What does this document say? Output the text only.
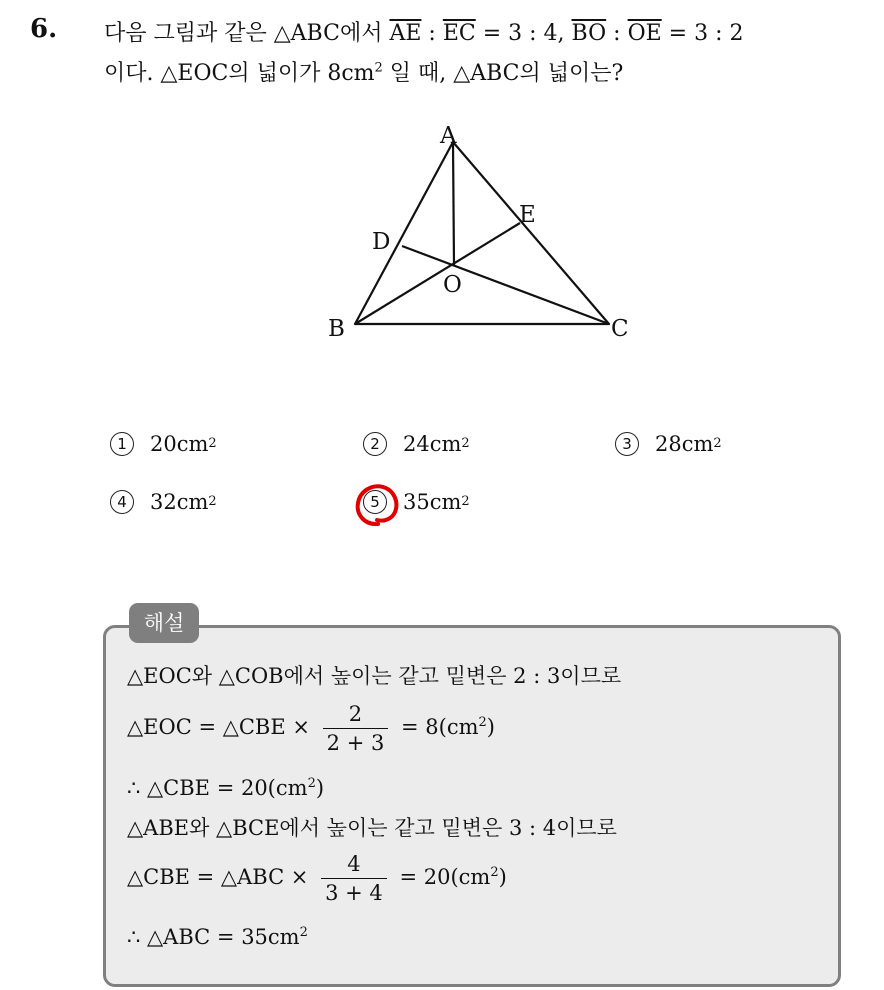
6. 다음 그림과 같은 △ABC에서 $\overline{AE}$ : $\overline{EC} = 3$ : 4, $\overline{BO}$ : $\overline{OE} = 3$ : 2
이다. △EOC의 넓이가 $8cm^2$ 일 때, △ABC의 넓이는?
A
B	C
D
E
O
1	20cm 2	2	24cm 2	3	28cm 2
4	32cm 2	5	35cm 2
해설
△EOC와 △COB에서 높이는 같고 밑변은 2 : 3이므로
△EOC = △CBE × $\frac{2}{2 + 3} = 8(cm^2)$
∴ △CBE = $20(cm^2)$
△ABE와 △BCE에서 높이는 같고 밑변은 3 : 4이므로
△CBE = △ABC × $\frac{4}{3 + 4} = 20(cm^2)$
∴ △ABC = $35cm^2$
